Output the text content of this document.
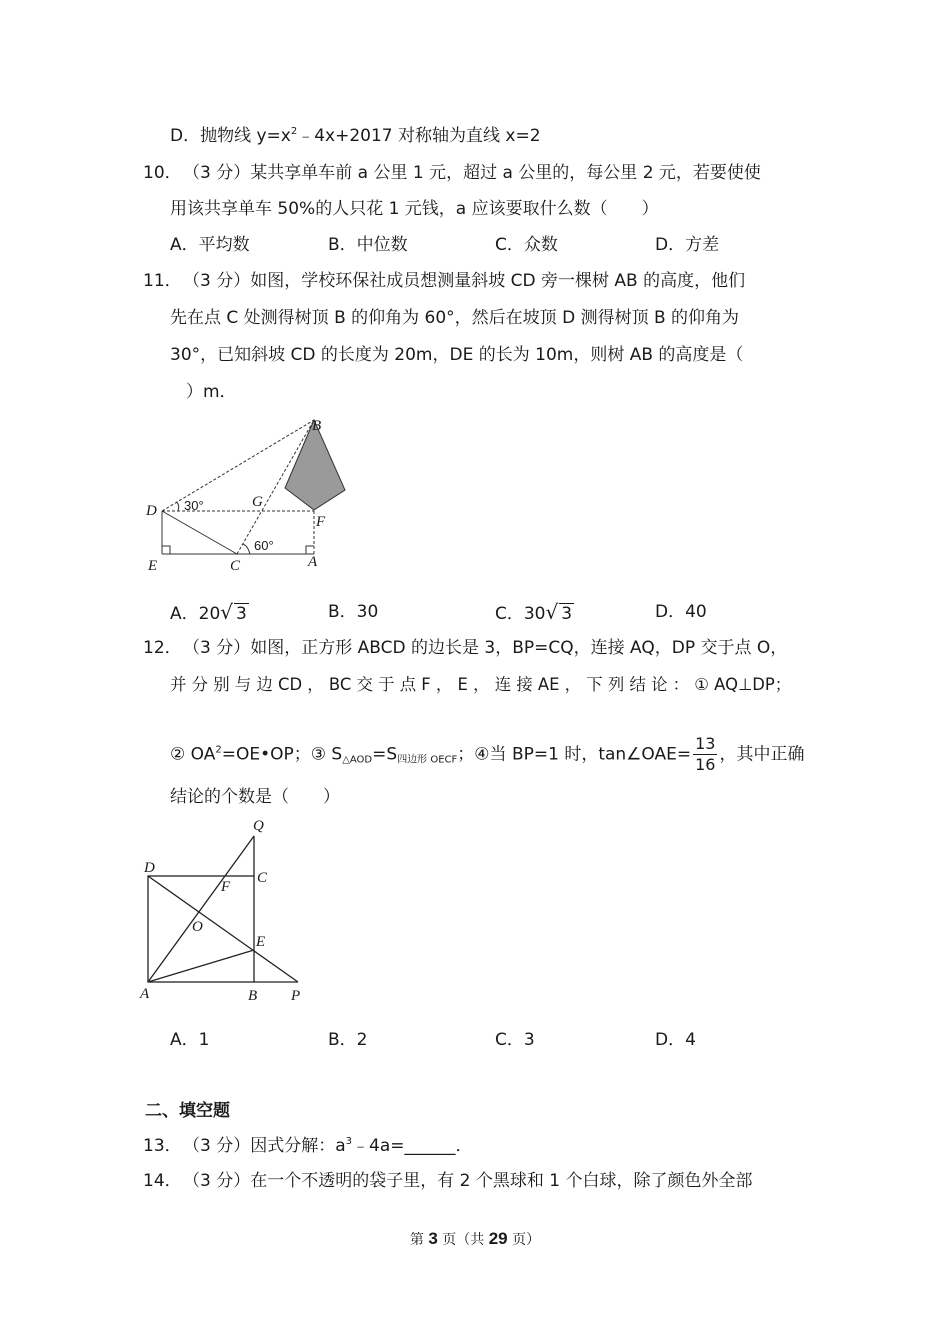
D．抛物线 $y=x^2﹣4x+2017$ 对称轴为直线 x=2
10． （3 分）某共享单车前 a 公里 1 元，超过 a 公里的，每公里 2 元，若要使使
用该共享单车 50%的人只花 1 元钱，a 应该要取什么数（　　）
A．平均数	B．中位数	C．众数	D．方差
11． （3 分）如图，学校环保社成员想测量斜坡 CD 旁一棵树 AB 的高度，他们
先在点 C 处测得树顶 B 的仰角为 60°，然后在坡顶 D 测得树顶 B 的仰角为
30°，已知斜坡 CD 的长度为 20m，DE 的长为 10m，则树 AB 的高度是（
）m．
B
D
F
G
E	C	A
30°
60°
A．20√ 3	B．30	C．30√ 3	D．40
12． （3 分）如图，正方形 ABCD 的边长是 3，BP=CQ，连接 AQ，DP 交于点 O，
并 分 别 与 边 CD ， BC 交 于 点 F ， E ， 连 接 AE ， 下 列 结 论 ： ① AQ⊥DP；
② $OA^2=OE•OP$；③ $S_{\triangle AOD}=S_{四边形 OECF}$；④当 BP=1 时，tan∠OAE= $\frac{13}{16}$ ，其中正确
结论的个数是（　　）
Q
D
C
F
O
E
A	B P
A．1	B．2	C．3	D．4
二、填空题
13． （3 分）因式分解：$a^3﹣4a=\_\_\_\_\_\_$．
14． （3 分）在一个不透明的袋子里，有 2 个黑球和 1 个白球，除了颜色外全部
第 3 页（共 29 页）
